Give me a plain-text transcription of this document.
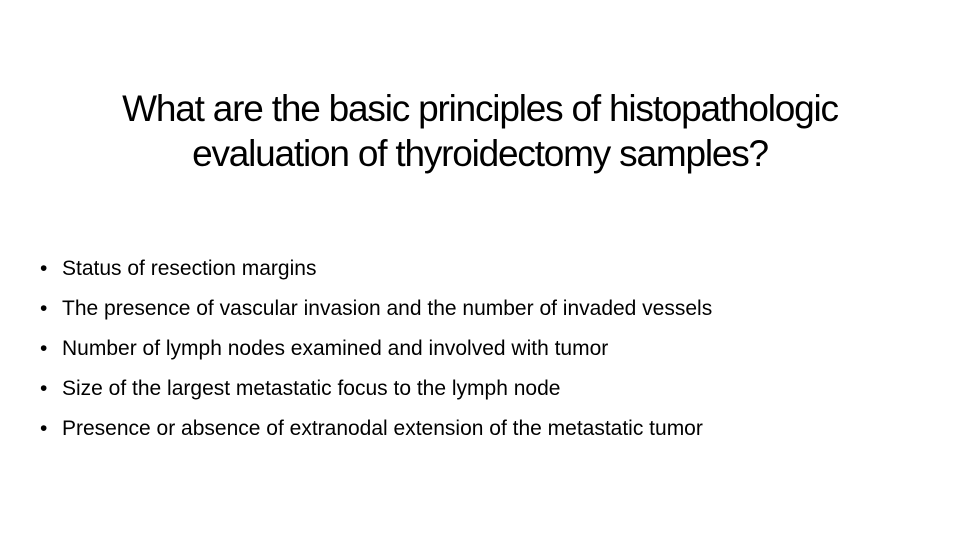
What are the basic principles of histopathologic
evaluation of thyroidectomy samples?
• Status of resection margins
• The presence of vascular invasion and the number of invaded vessels
• Number of lymph nodes examined and involved with tumor
• Size of the largest metastatic focus to the lymph node
• Presence or absence of extranodal extension of the metastatic tumor
